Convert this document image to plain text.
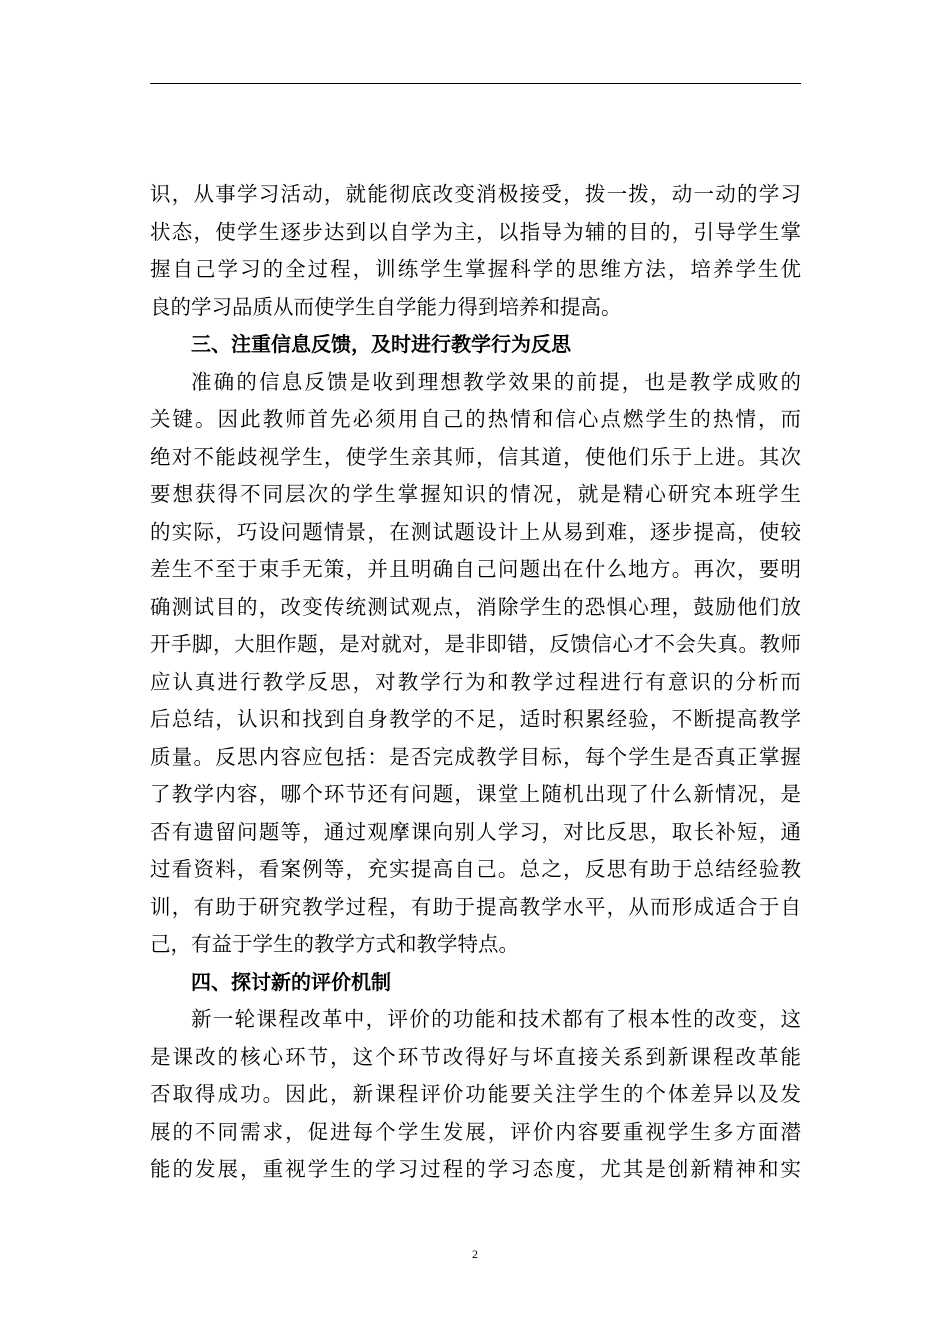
识，从事学习活动，就能彻底改变消极接受，拨一拨，动一动的学习
状态，使学生逐步达到以自学为主，以指导为辅的目的，引导学生掌
握自己学习的全过程，训练学生掌握科学的思维方法，培养学生优
良的学习品质从而使学生自学能力得到培养和提高。
三、注重信息反馈，及时进行教学行为反思
准确的信息反馈是收到理想教学效果的前提，也是教学成败的
关键。因此教师首先必须用自己的热情和信心点燃学生的热情，而
绝对不能歧视学生，使学生亲其师，信其道，使他们乐于上进。其次
要想获得不同层次的学生掌握知识的情况，就是精心研究本班学生
的实际，巧设问题情景，在测试题设计上从易到难，逐步提高，使较
差生不至于束手无策，并且明确自己问题出在什么地方。再次，要明
确测试目的，改变传统测试观点，消除学生的恐惧心理，鼓励他们放
开手脚，大胆作题，是对就对，是非即错，反馈信心才不会失真。教师
应认真进行教学反思，对教学行为和教学过程进行有意识的分析而
后总结，认识和找到自身教学的不足，适时积累经验，不断提高教学
质量。反思内容应包括：是否完成教学目标，每个学生是否真正掌握
了教学内容，哪个环节还有问题，课堂上随机出现了什么新情况，是
否有遗留问题等，通过观摩课向别人学习，对比反思，取长补短，通
过看资料，看案例等，充实提高自己。总之，反思有助于总结经验教
训，有助于研究教学过程，有助于提高教学水平，从而形成适合于自
己，有益于学生的教学方式和教学特点。
四、探讨新的评价机制
新一轮课程改革中，评价的功能和技术都有了根本性的改变，这
是课改的核心环节，这个环节改得好与坏直接关系到新课程改革能
否取得成功。因此，新课程评价功能要关注学生的个体差异以及发
展的不同需求，促进每个学生发展，评价内容要重视学生多方面潜
能的发展，重视学生的学习过程的学习态度，尤其是创新精神和实
2
